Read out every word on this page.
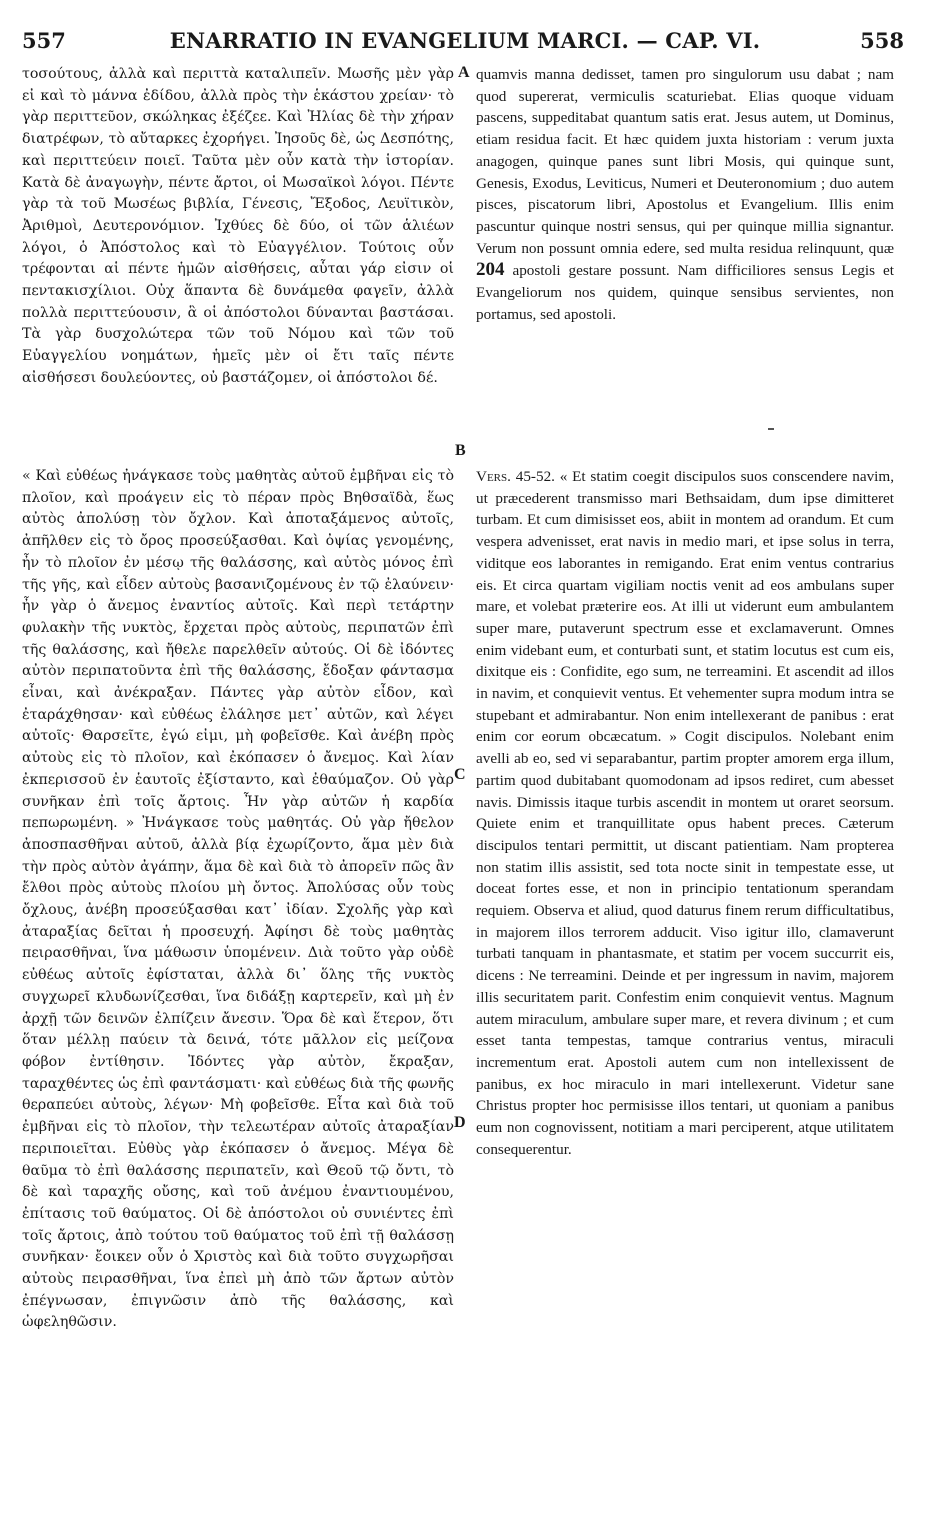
557	ENARRATIO IN EVANGELIUM MARCI. — CAP. VI.	558

τοσούτους, ἀλλὰ καὶ περιττὰ καταλιπεῖν. Μωσῆς μὲν γὰρ εἰ καὶ τὸ μάννα ἐδίδου, ἀλλὰ πρὸς τὴν ἑκάστου χρείαν· τὸ γὰρ περιττεῦον, σκώληκας ἐξέζεε. Καὶ Ἠλίας δὲ τὴν χήραν διατρέφων, τὸ αὔταρκες ἐχορήγει. Ἰησοῦς δὲ, ὡς Δεσπότης, καὶ περιττεύειν ποιεῖ. Ταῦτα μὲν οὖν κατὰ τὴν ἱστορίαν. Κατὰ δὲ ἀναγωγὴν, πέντε ἄρτοι, οἱ Μωσαϊκοὶ λόγοι. Πέντε γὰρ τὰ τοῦ Μωσέως βιβλία, Γένεσις, Ἔξοδος, Λευϊτικὸν, Ἀριθμοὶ, Δευτερονόμιον. Ἰχθύες δὲ δύο, οἱ τῶν ἁλιέων λόγοι, ὁ Ἀπόστολος καὶ τὸ Εὐαγγέλιον. Τούτοις οὖν τρέφονται αἱ πέντε ἡμῶν αἰσθήσεις, αὗται γάρ εἰσιν οἱ πεντακισχίλιοι. Οὐχ ἅπαντα δὲ δυνάμεθα φαγεῖν, ἀλλὰ πολλὰ περιττεύουσιν, ἃ οἱ ἀπόστολοι δύνανται βαστάσαι. Τὰ γὰρ δυσχολώτερα τῶν τοῦ Νόμου καὶ τῶν τοῦ Εὐαγγελίου νοημάτων, ἡμεῖς μὲν οἱ ἔτι ταῖς πέντε αἰσθήσεσι δουλεύοντες, οὐ βαστάζομεν, οἱ ἀπόστολοι δέ.

quamvis manna dedisset, tamen pro singulorum usu dabat ; nam quod supererat, vermiculis scaturiebat. Elias quoque viduam pascens, suppeditabat quantum satis erat. Jesus autem, ut Dominus, etiam residua facit. Et hæc quidem juxta historiam : verum juxta anagogen, quinque panes sunt libri Mosis, qui quinque sunt, Genesis, Exodus, Leviticus, Numeri et Deuteronomium ; duo autem pisces, piscatorum libri, Apostolus et Evangelium. Illis enim pascuntur quinque nostri sensus, qui per quinque millia signantur. Verum non possunt omnia edere, sed multa residua relinquunt, quæ 204 apostoli gestare possunt. Nam difficiliores sensus Legis et Evangeliorum nos quidem, quinque sensibus servientes, non portamus, sed apostoli.

« Καὶ εὐθέως ἠνάγκασε τοὺς μαθητὰς αὐτοῦ ἐμβῆναι εἰς τὸ πλοῖον, καὶ προάγειν εἰς τὸ πέραν πρὸς Βηθσαϊδὰ, ἕως αὐτὸς ἀπολύσῃ τὸν ὄχλον. Καὶ ἀποταξάμενος αὐτοῖς, ἀπῆλθεν εἰς τὸ ὄρος προσεύξασθαι. Καὶ ὀψίας γενομένης, ἦν τὸ πλοῖον ἐν μέσῳ τῆς θαλάσσης, καὶ αὐτὸς μόνος ἐπὶ τῆς γῆς, καὶ εἶδεν αὐτοὺς βασανιζομένους ἐν τῷ ἐλαύνειν· ἦν γὰρ ὁ ἄνεμος ἐναντίος αὐτοῖς. Καὶ περὶ τετάρτην φυλακὴν τῆς νυκτὸς, ἔρχεται πρὸς αὐτοὺς, περιπατῶν ἐπὶ τῆς θαλάσσης, καὶ ἤθελε παρελθεῖν αὐτούς. Οἱ δὲ ἰδόντες αὐτὸν περιπατοῦντα ἐπὶ τῆς θαλάσσης, ἔδοξαν φάντασμα εἶναι, καὶ ἀνέκραξαν. Πάντες γὰρ αὐτὸν εἶδον, καὶ ἐταράχθησαν· καὶ εὐθέως ἐλάλησε μετ᾽ αὐτῶν, καὶ λέγει αὐτοῖς· Θαρσεῖτε, ἐγώ εἰμι, μὴ φοβεῖσθε. Καὶ ἀνέβη πρὸς αὐτοὺς εἰς τὸ πλοῖον, καὶ ἐκόπασεν ὁ ἄνεμος. Καὶ λίαν ἐκπερισσοῦ ἐν ἑαυτοῖς ἐξίσταντο, καὶ ἐθαύμαζον. Οὐ γὰρ συνῆκαν ἐπὶ τοῖς ἄρτοις. Ἦν γὰρ αὐτῶν ἡ καρδία πεπωρωμένη. » Ἠνάγκασε τοὺς μαθητάς. Οὐ γὰρ ἤθελον ἀποσπασθῆναι αὐτοῦ, ἀλλὰ βίᾳ ἐχωρίζοντο, ἅμα μὲν διὰ τὴν πρὸς αὐτὸν ἀγάπην, ἅμα δὲ καὶ διὰ τὸ ἀπορεῖν πῶς ἂν ἔλθοι πρὸς αὐτοὺς πλοίου μὴ ὄντος. Ἀπολύσας οὖν τοὺς ὄχλους, ἀνέβη προσεύξασθαι κατ᾽ ἰδίαν. Σχολῆς γὰρ καὶ ἀταραξίας δεῖται ἡ προσευχή. Ἀφίησι δὲ τοὺς μαθητὰς πειρασθῆναι, ἵνα μάθωσιν ὑπομένειν. Διὰ τοῦτο γὰρ οὐδὲ εὐθέως αὐτοῖς ἐφίσταται, ἀλλὰ δι᾽ ὅλης τῆς νυκτὸς συγχωρεῖ κλυδωνίζεσθαι, ἵνα διδάξῃ καρτερεῖν, καὶ μὴ ἐν ἀρχῇ τῶν δεινῶν ἐλπίζειν ἄνεσιν. Ὅρα δὲ καὶ ἕτερον, ὅτι ὅταν μέλλῃ παύειν τὰ δεινά, τότε μᾶλλον εἰς μείζονα φόβον ἐντίθησιν. Ἰδόντες γὰρ αὐτὸν, ἔκραξαν, ταραχθέντες ὡς ἐπὶ φαντάσματι· καὶ εὐθέως διὰ τῆς φωνῆς θεραπεύει αὐτοὺς, λέγων· Μὴ φοβεῖσθε. Εἶτα καὶ διὰ τοῦ ἐμβῆναι εἰς τὸ πλοῖον, τὴν τελεωτέραν αὐτοῖς ἀταραξίαν περιποιεῖται. Εὐθὺς γὰρ ἐκόπασεν ὁ ἄνεμος. Μέγα δὲ θαῦμα τὸ ἐπὶ θαλάσσης περιπατεῖν, καὶ Θεοῦ τῷ ὄντι, τὸ δὲ καὶ ταραχῆς οὔσης, καὶ τοῦ ἀνέμου ἐναντιουμένου, ἐπίτασις τοῦ θαύματος. Οἱ δὲ ἀπόστολοι οὐ συνιέντες ἐπὶ τοῖς ἄρτοις, ἀπὸ τούτου τοῦ θαύματος τοῦ ἐπὶ τῇ θαλάσσῃ συνῆκαν· ἔοικεν οὖν ὁ Χριστὸς καὶ διὰ τοῦτο συγχωρῆσαι αὐτοὺς πειρασθῆναι, ἵνα ἐπεὶ μὴ ἀπὸ τῶν ἄρτων αὐτὸν ἐπέγνωσαν, ἐπιγνῶσιν ἀπὸ τῆς θαλάσσης, καὶ ὠφεληθῶσιν.

Vers. 45-52. « Et statim coegit discipulos suos conscendere navim, ut præcederent transmisso mari Bethsaidam, dum ipse dimitteret turbam. Et cum dimisisset eos, abiit in montem ad orandum. Et cum vespera advenisset, erat navis in medio mari, et ipse solus in terra, viditque eos laborantes in remigando. Erat enim ventus contrarius eis. Et circa quartam vigiliam noctis venit ad eos ambulans super mare, et volebat præterire eos. At illi ut viderunt eum ambulantem super mare, putaverunt spectrum esse et exclamaverunt. Omnes enim videbant eum, et conturbati sunt, et statim locutus est cum eis, dixitque eis : Confidite, ego sum, ne terreamini. Et ascendit ad illos in navim, et conquievit ventus. Et vehementer supra modum intra se stupebant et admirabantur. Non enim intellexerant de panibus : erat enim cor eorum obcæcatum. » Cogit discipulos. Nolebant enim avelli ab eo, sed vi separabantur, partim propter amorem erga illum, partim quod dubitabant quomodonam ad ipsos rediret, cum abesset navis. Dimissis itaque turbis ascendit in montem ut oraret seorsum. Quiete enim et tranquillitate opus habent preces. Cæterum discipulos tentari permittit, ut discant patientiam. Nam propterea non statim illis assistit, sed tota nocte sinit in tempestate esse, ut doceat fortes esse, et non in principio tentationum sperandam requiem. Observa et aliud, quod daturus finem rerum difficultatibus, in majorem illos terrorem adducit. Viso igitur illo, clamaverunt turbati tanquam in phantasmate, et statim per vocem succurrit eis, dicens : Ne terreamini. Deinde et per ingressum in navim, majorem illis securitatem parit. Confestim enim conquievit ventus. Magnum autem miraculum, ambulare super mare, et revera divinum ; et cum esset tanta tempestas, tamque contrarius ventus, miraculi incrementum erat. Apostoli autem cum non intellexissent de panibus, ex hoc miraculo in mari intellexerunt. Videtur sane Christus propter hoc permisisse illos tentari, ut quoniam a panibus eum non cognovissent, notitiam a mari perciperent, atque utilitatem consequerentur.

A
B
C
D
